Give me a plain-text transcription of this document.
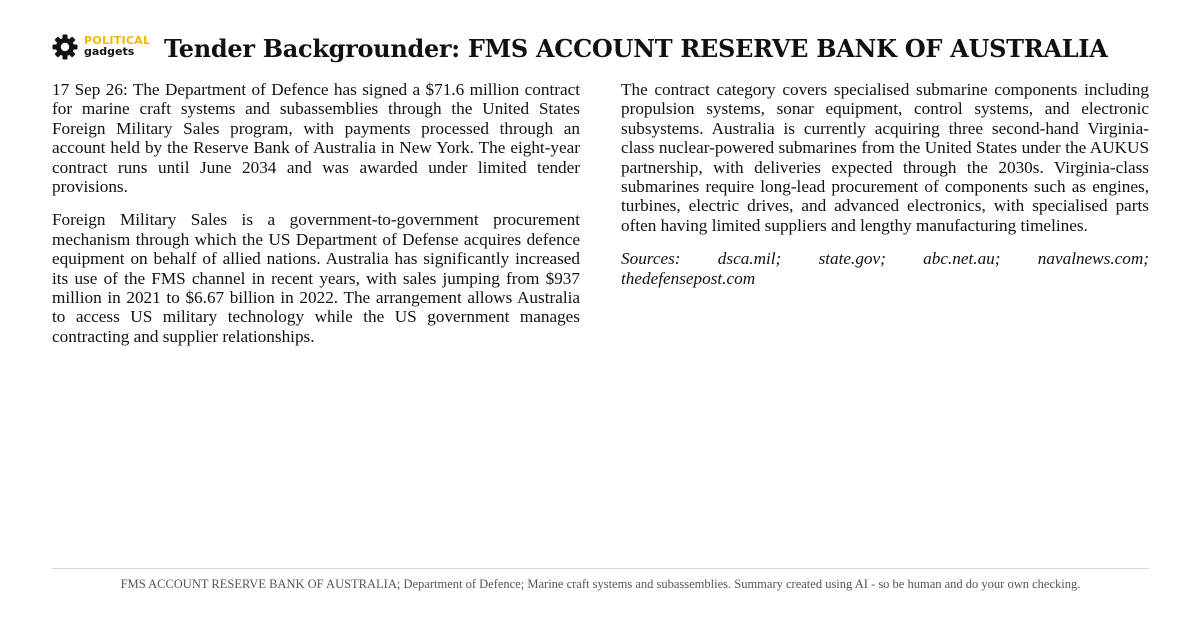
POLITICAL
gadgets Tender Backgrounder: FMS ACCOUNT RESERVE BANK OF AUSTRALIA

17 Sep 26: The Department of Defence has signed a $71.6 million contract for marine craft systems and subassemblies through the United States Foreign Military Sales program, with payments processed through an account held by the Reserve Bank of Australia in New York. The eight-year contract runs until June 2034 and was awarded under limited tender provisions.

Foreign Military Sales is a government-to-government procurement mechanism through which the US Department of Defense acquires defence equipment on behalf of allied nations. Australia has significantly increased its use of the FMS channel in recent years, with sales jumping from $937 million in 2021 to $6.67 billion in 2022. The arrangement allows Australia to access US military technology while the US government manages contracting and supplier relationships.

The contract category covers specialised submarine components including propulsion systems, sonar equipment, control systems, and electronic subsystems. Australia is currently acquiring three second-hand Virginia-class nuclear-powered submarines from the United States under the AUKUS partnership, with deliveries expected through the 2030s. Virginia-class submarines require long-lead procurement of components such as engines, turbines, electric drives, and advanced electronics, with specialised parts often having limited suppliers and lengthy manufacturing timelines.

Sources: dsca.mil; state.gov; abc.net.au; navalnews.com; thedefensepost.com

FMS ACCOUNT RESERVE BANK OF AUSTRALIA; Department of Defence; Marine craft systems and subassemblies. Summary created using AI - so be human and do your own checking.
